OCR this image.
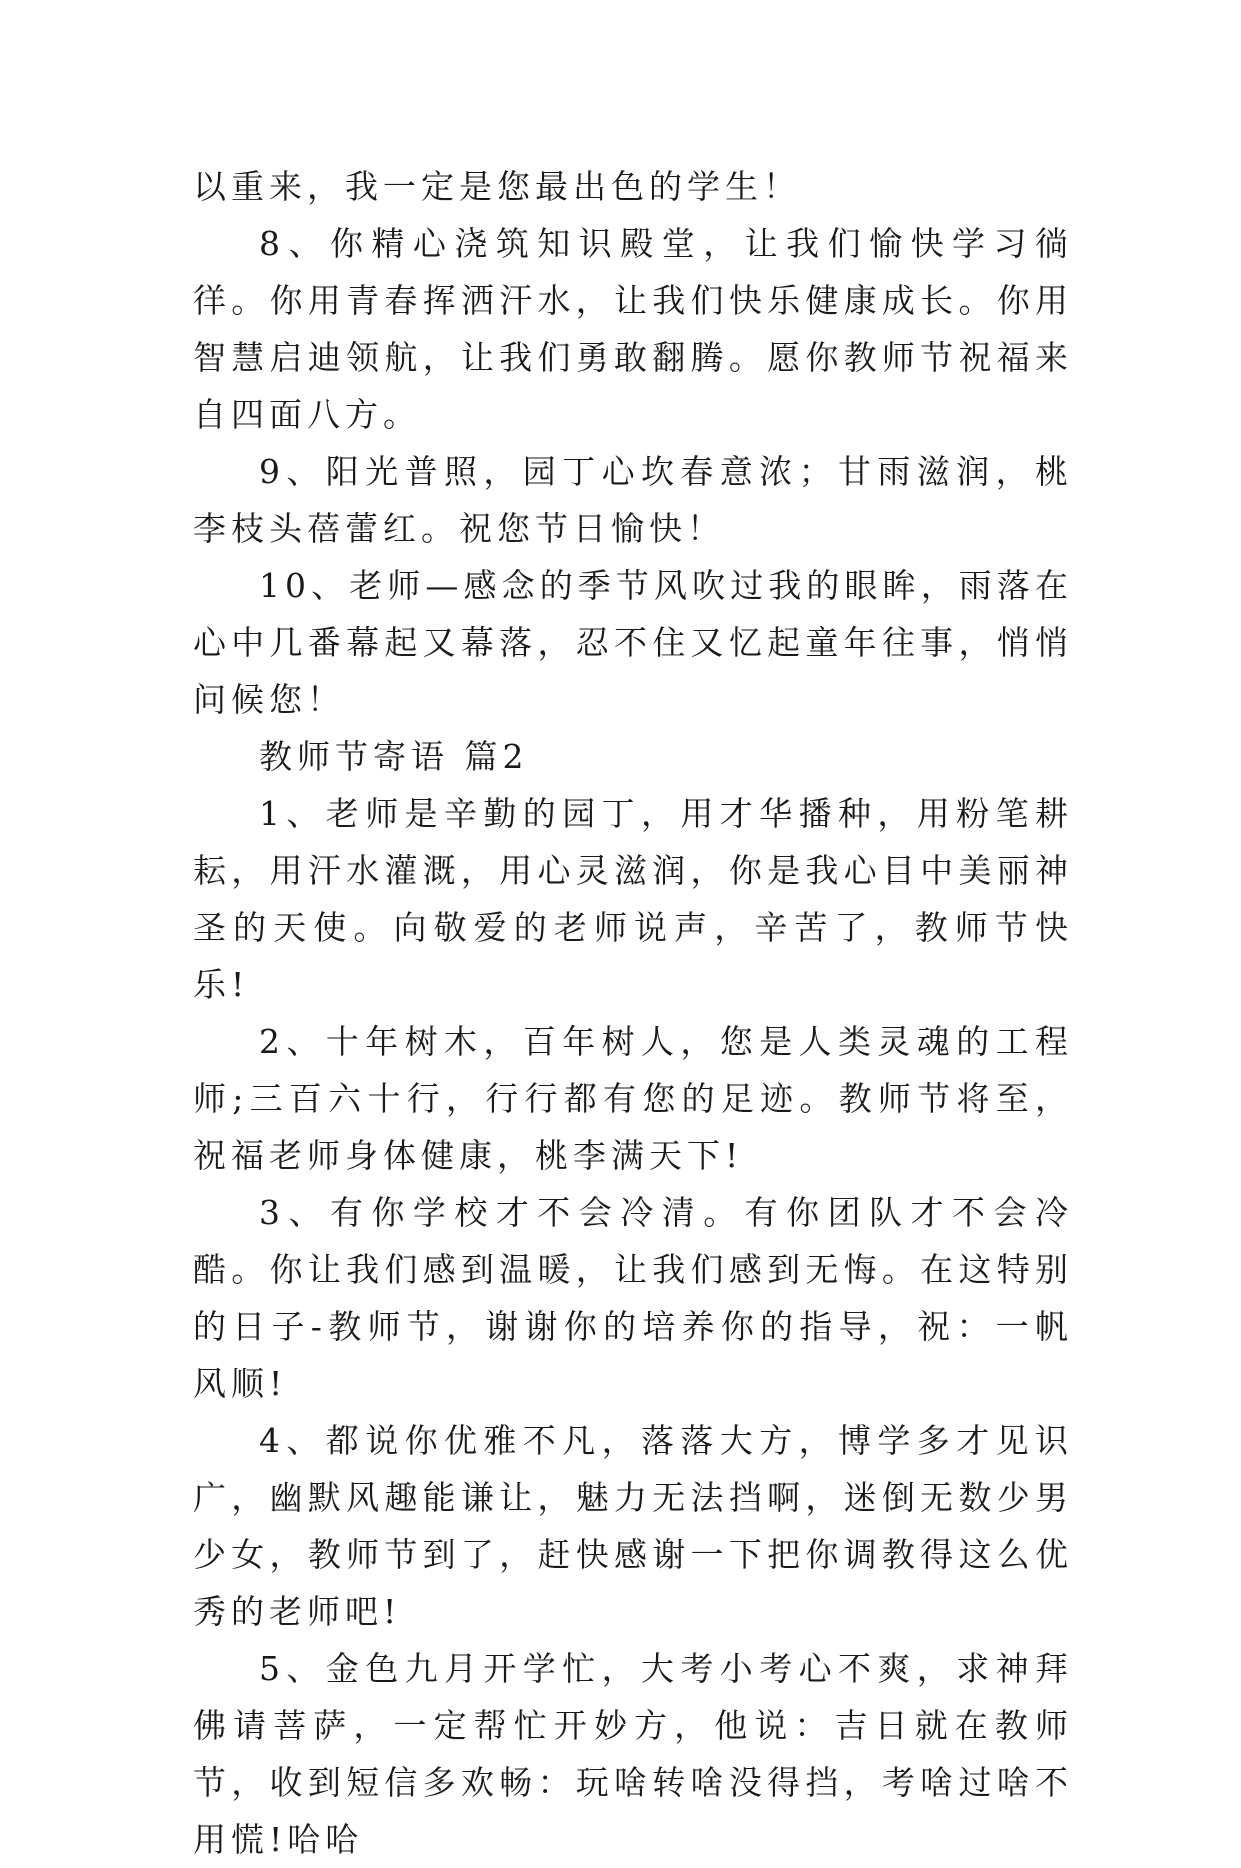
以重来，我一定是您最出色的学生！

8、你精心浇筑知识殿堂，让我们愉快学习徜徉。你用青春挥洒汗水，让我们快乐健康成长。你用智慧启迪领航，让我们勇敢翻腾。愿你教师节祝福来自四面八方。

9、阳光普照，园丁心坎春意浓；甘雨滋润，桃李枝头蓓蕾红。祝您节日愉快！

10、老师—感念的季节风吹过我的眼眸，雨落在心中几番幕起又幕落，忍不住又忆起童年往事，悄悄问候您！

教师节寄语 篇2

1、老师是辛勤的园丁，用才华播种，用粉笔耕耘，用汗水灌溉，用心灵滋润，你是我心目中美丽神圣的天使。向敬爱的老师说声，辛苦了，教师节快乐!

2、十年树木，百年树人，您是人类灵魂的工程师;三百六十行，行行都有您的足迹。教师节将至，祝福老师身体健康，桃李满天下!

3、有你学校才不会冷清。有你团队才不会冷酷。你让我们感到温暖，让我们感到无悔。在这特别的日子-教师节，谢谢你的培养你的指导，祝：一帆风顺!

4、都说你优雅不凡，落落大方，博学多才见识广，幽默风趣能谦让，魅力无法挡啊，迷倒无数少男少女，教师节到了，赶快感谢一下把你调教得这么优秀的老师吧!

5、金色九月开学忙，大考小考心不爽，求神拜佛请菩萨，一定帮忙开妙方，他说：吉日就在教师节，收到短信多欢畅：玩啥转啥没得挡，考啥过啥不用慌!哈哈
